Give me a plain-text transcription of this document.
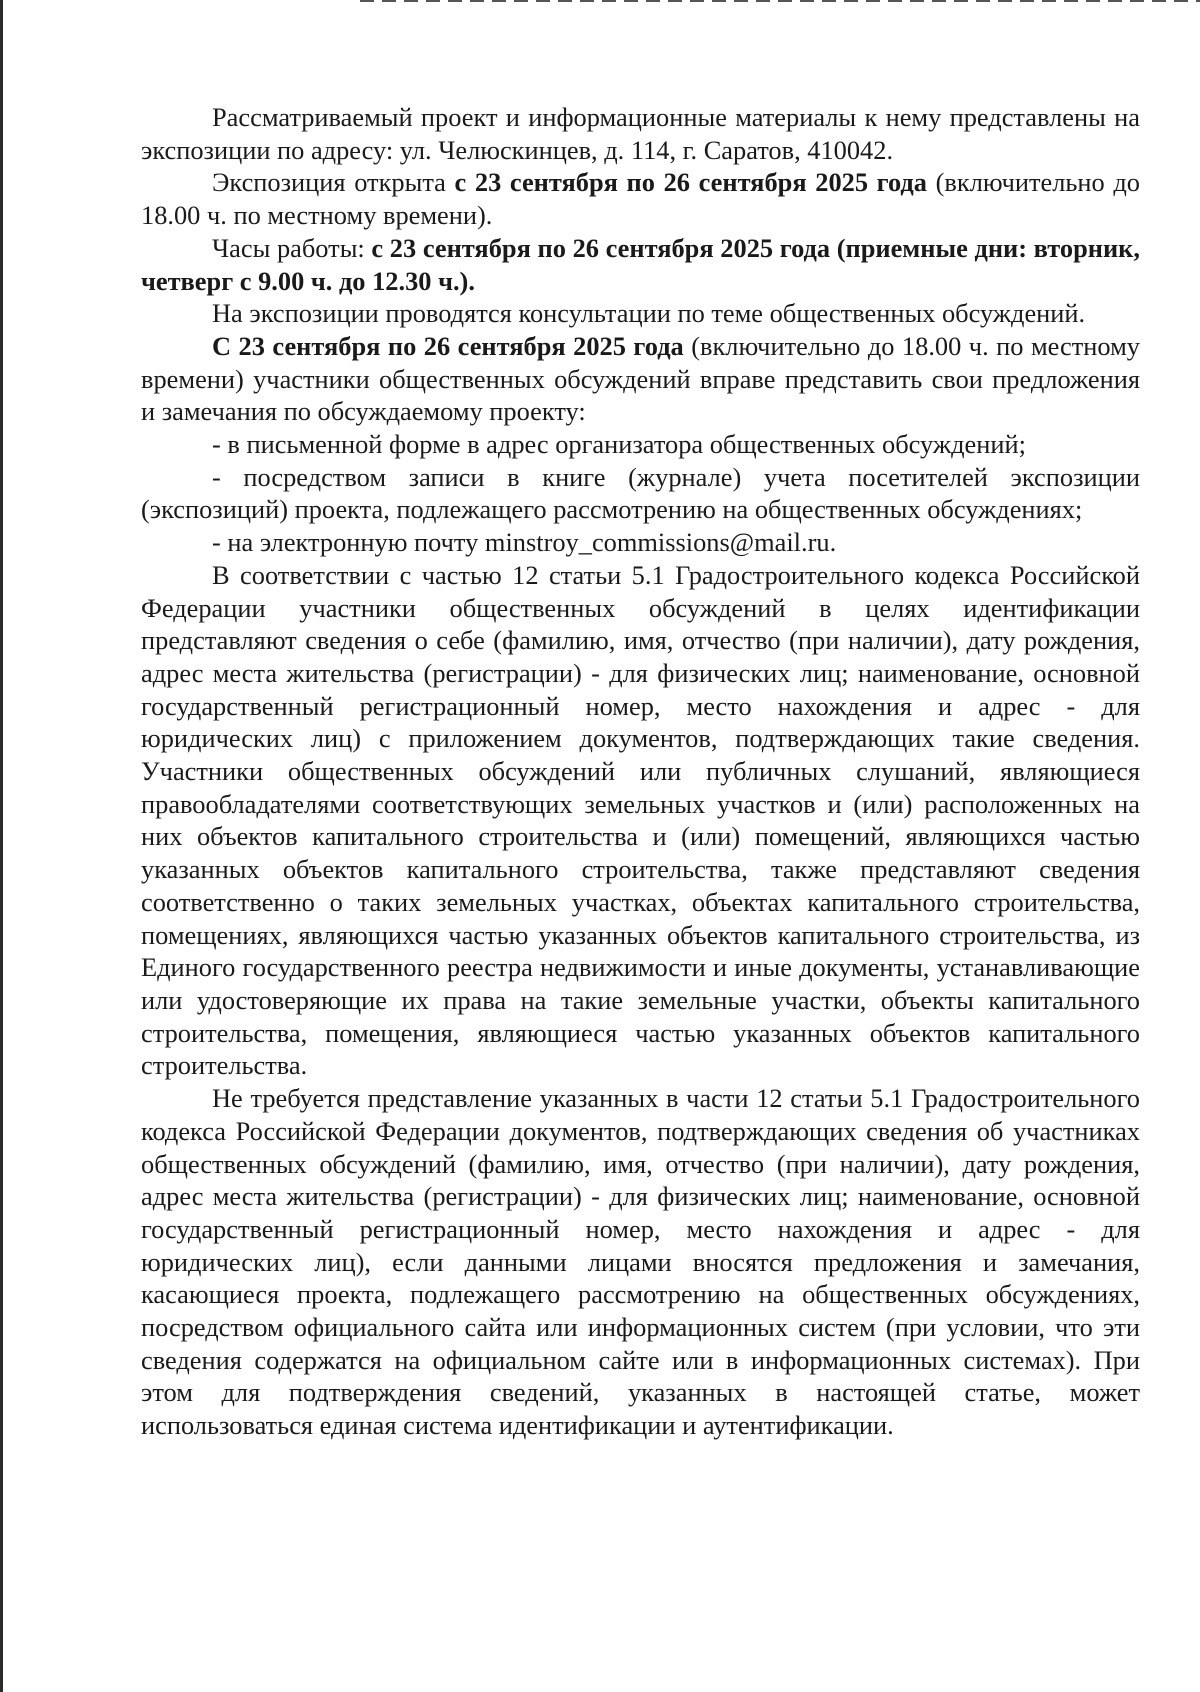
Рассматриваемый проект и информационные материалы к нему представлены на экспозиции по адресу: ул. Челюскинцев, д. 114, г. Саратов, 410042.

Экспозиция открыта с 23 сентября по 26 сентября 2025 года (включительно до 18.00 ч. по местному времени).

Часы работы: с 23 сентября по 26 сентября 2025 года (приемные дни: вторник, четверг с 9.00 ч. до 12.30 ч.).

На экспозиции проводятся консультации по теме общественных обсуждений.

С 23 сентября по 26 сентября 2025 года (включительно до 18.00 ч. по местному времени) участники общественных обсуждений вправе представить свои предложения и замечания по обсуждаемому проекту:

- в письменной форме в адрес организатора общественных обсуждений;

- посредством записи в книге (журнале) учета посетителей экспозиции (экспозиций) проекта, подлежащего рассмотрению на общественных обсуждениях;

- на электронную почту minstroy_commissions@mail.ru.

В соответствии с частью 12 статьи 5.1 Градостроительного кодекса Российской Федерации участники общественных обсуждений в целях идентификации представляют сведения о себе (фамилию, имя, отчество (при наличии), дату рождения, адрес места жительства (регистрации) - для физических лиц; наименование, основной государственный регистрационный номер, место нахождения и адрес - для юридических лиц) с приложением документов, подтверждающих такие сведения. Участники общественных обсуждений или публичных слушаний, являющиеся правообладателями соответствующих земельных участков и (или) расположенных на них объектов капитального строительства и (или) помещений, являющихся частью указанных объектов капитального строительства, также представляют сведения соответственно о таких земельных участках, объектах капитального строительства, помещениях, являющихся частью указанных объектов капитального строительства, из Единого государственного реестра недвижимости и иные документы, устанавливающие или удостоверяющие их права на такие земельные участки, объекты капитального строительства, помещения, являющиеся частью указанных объектов капитального строительства.

Не требуется представление указанных в части 12 статьи 5.1 Градостроительного кодекса Российской Федерации документов, подтверждающих сведения об участниках общественных обсуждений (фамилию, имя, отчество (при наличии), дату рождения, адрес места жительства (регистрации) - для физических лиц; наименование, основной государственный регистрационный номер, место нахождения и адрес - для юридических лиц), если данными лицами вносятся предложения и замечания, касающиеся проекта, подлежащего рассмотрению на общественных обсуждениях, посредством официального сайта или информационных систем (при условии, что эти сведения содержатся на официальном сайте или в информационных системах). При этом для подтверждения сведений, указанных в настоящей статье, может использоваться единая система идентификации и аутентификации.
